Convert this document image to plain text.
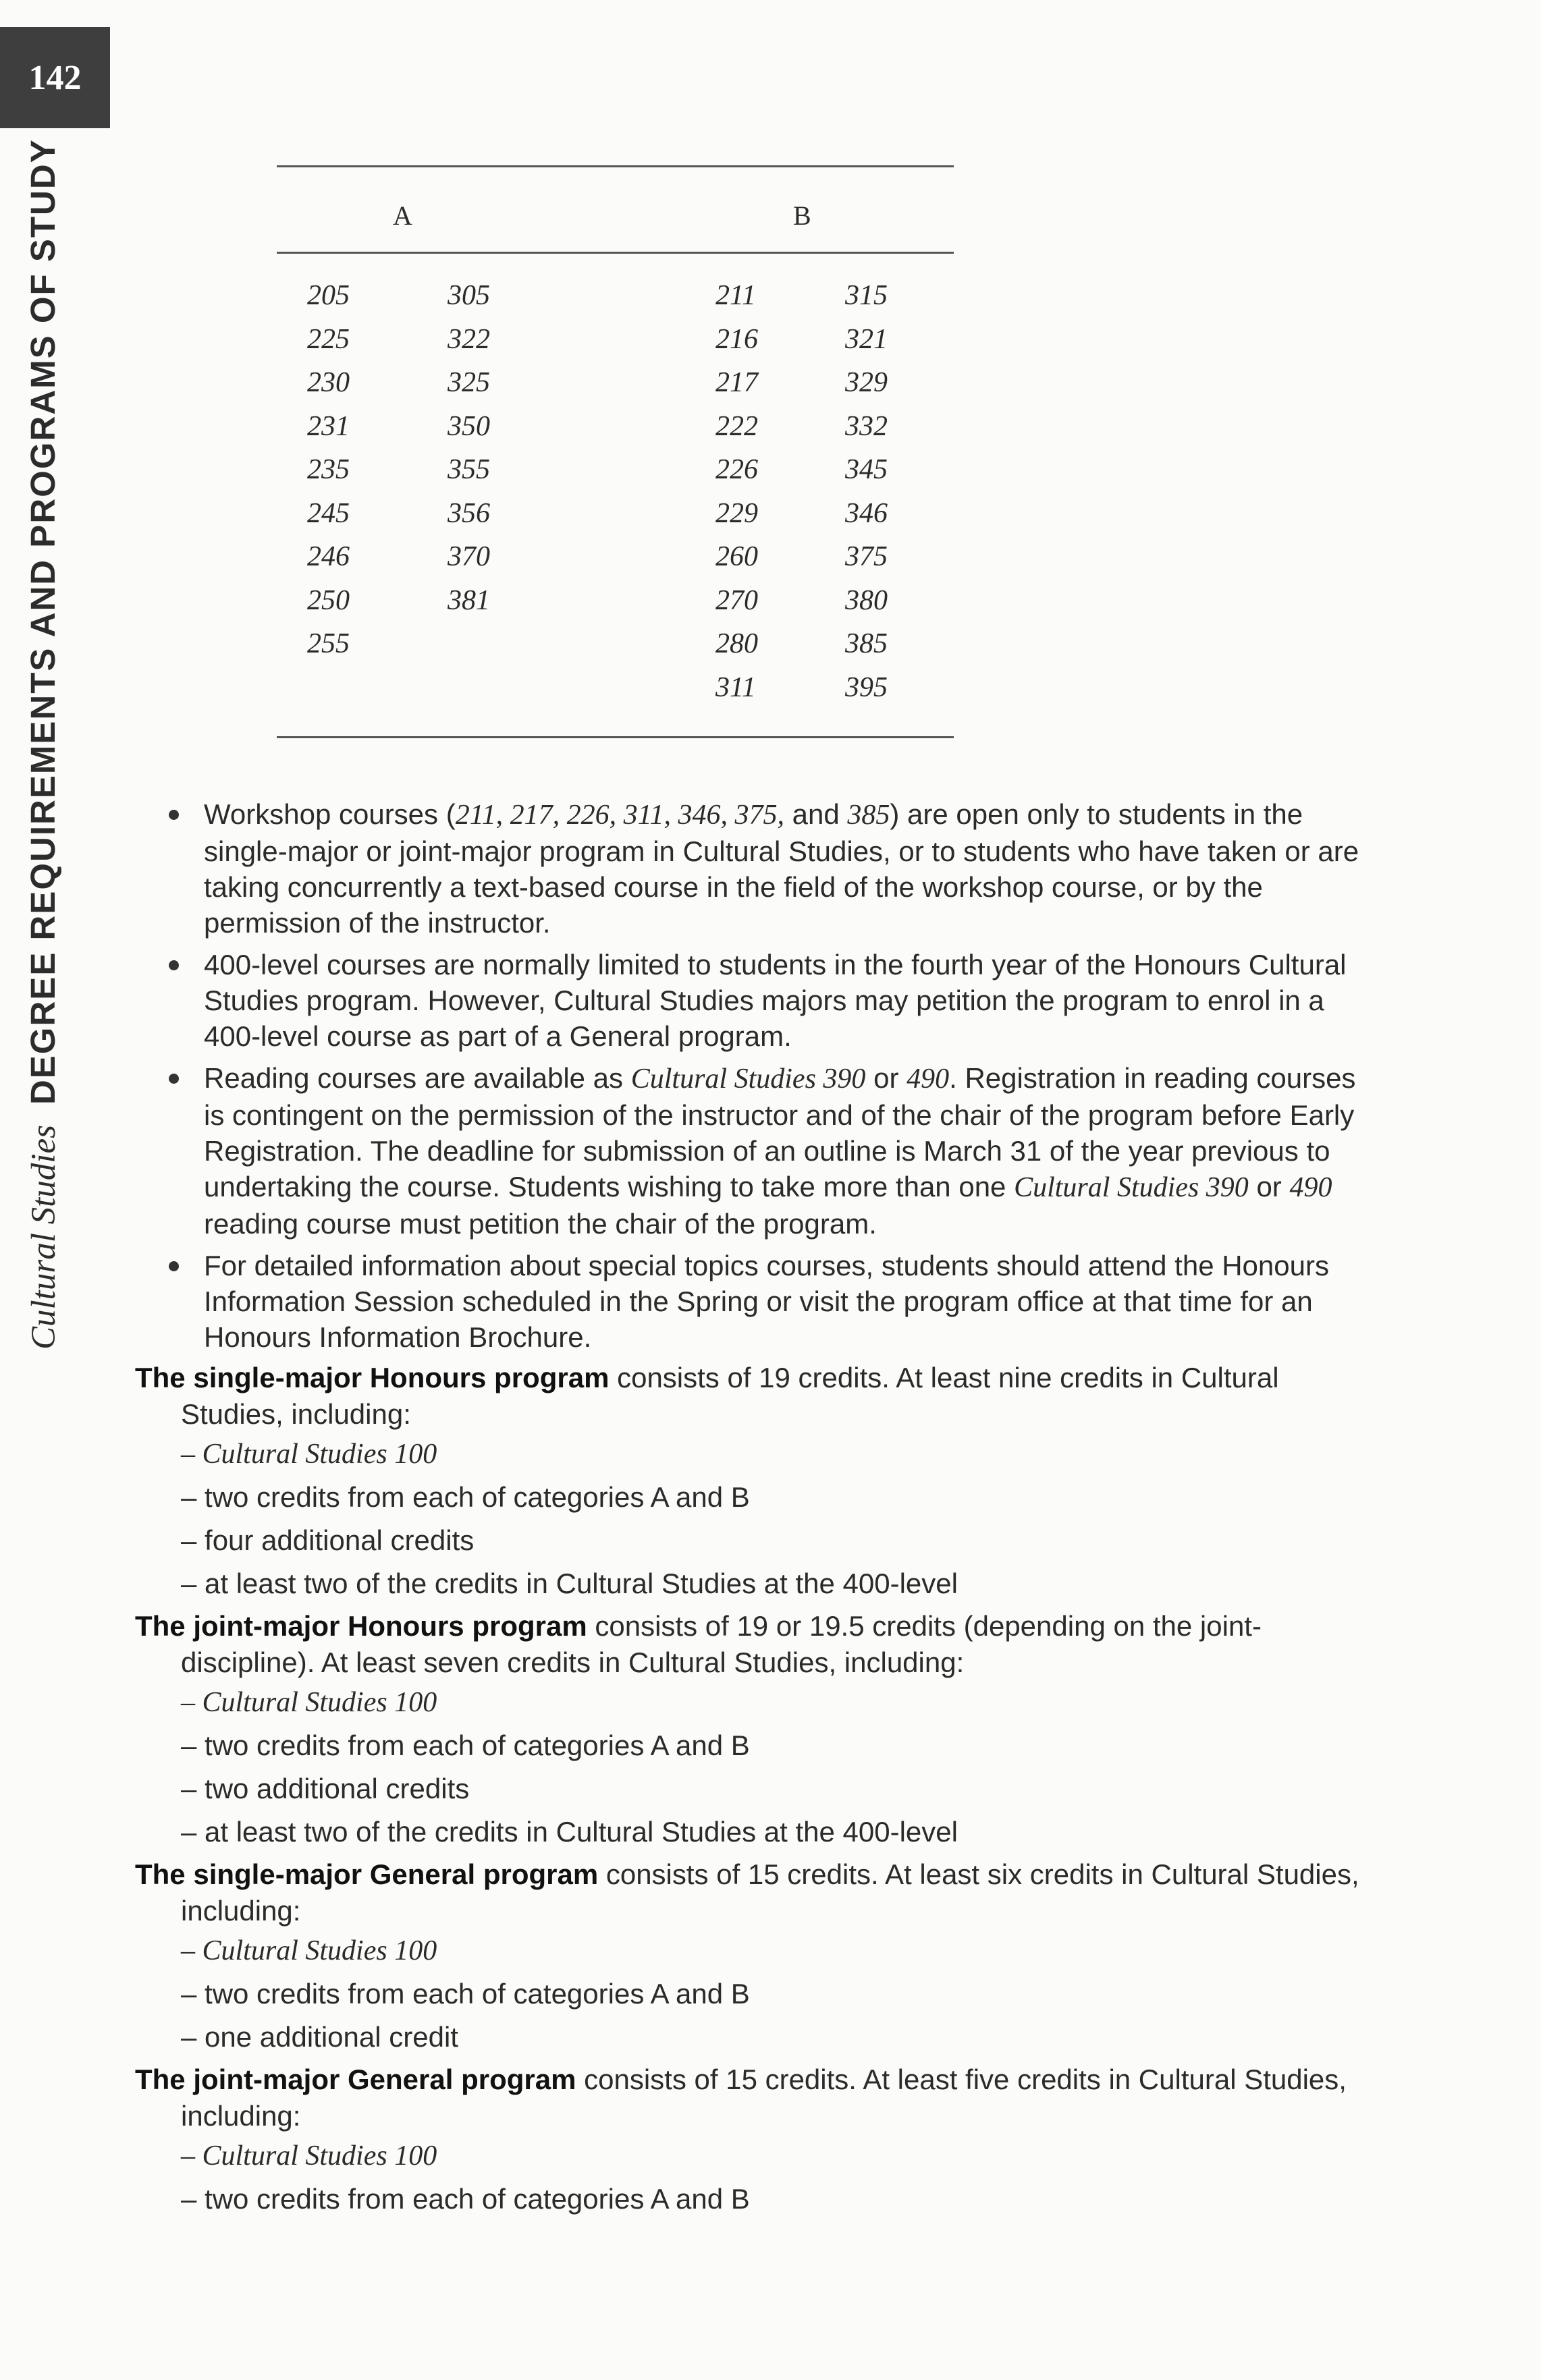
142
Cultural StudiesDEGREE REQUIREMENTS AND PROGRAMS OF STUDY	A	B
205
225
230
231
235
245
246
250
255
305
322
325
350
355
356
370
381
211
216
217
222
226
229
260
270
280
311
315
321
329
332
345
346
375
380
385
395
Workshop courses (211, 217, 226, 311, 346, 375, and 385) are open only to students in the single-major or joint-major program in Cultural Studies, or to students who have taken or are taking concurrently a text-based course in the field of the workshop course, or by the permission of the instructor.
400-level courses are normally limited to students in the fourth year of the Honours Cultural Studies program. However, Cultural Studies majors may petition the program to enrol in a 400-level course as part of a General program.
Reading courses are available as Cultural Studies 390 or 490. Registration in reading courses is contingent on the permission of the instructor and of the chair of the program before Early Registration. The deadline for submission of an outline is March 31 of the year previous to undertaking the course. Students wishing to take more than one Cultural Studies 390 or 490 reading course must petition the chair of the program.
For detailed information about special topics courses, students should attend the Honours Information Session scheduled in the Spring or visit the program office at that time for an Honours Information Brochure.
The single-major Honours program consists of 19 credits. At least nine credits in Cultural Studies, including:
– Cultural Studies 100
– two credits from each of categories A and B
– four additional credits
– at least two of the credits in Cultural Studies at the 400-level
The joint-major Honours program consists of 19 or 19.5 credits (depending on the joint-discipline). At least seven credits in Cultural Studies, including:
– Cultural Studies 100
– two credits from each of categories A and B
– two additional credits
– at least two of the credits in Cultural Studies at the 400-level
The single-major General program consists of 15 credits. At least six credits in Cultural Studies, including:
– Cultural Studies 100
– two credits from each of categories A and B
– one additional credit
The joint-major General program consists of 15 credits. At least five credits in Cultural Studies, including:
– Cultural Studies 100
– two credits from each of categories A and B
